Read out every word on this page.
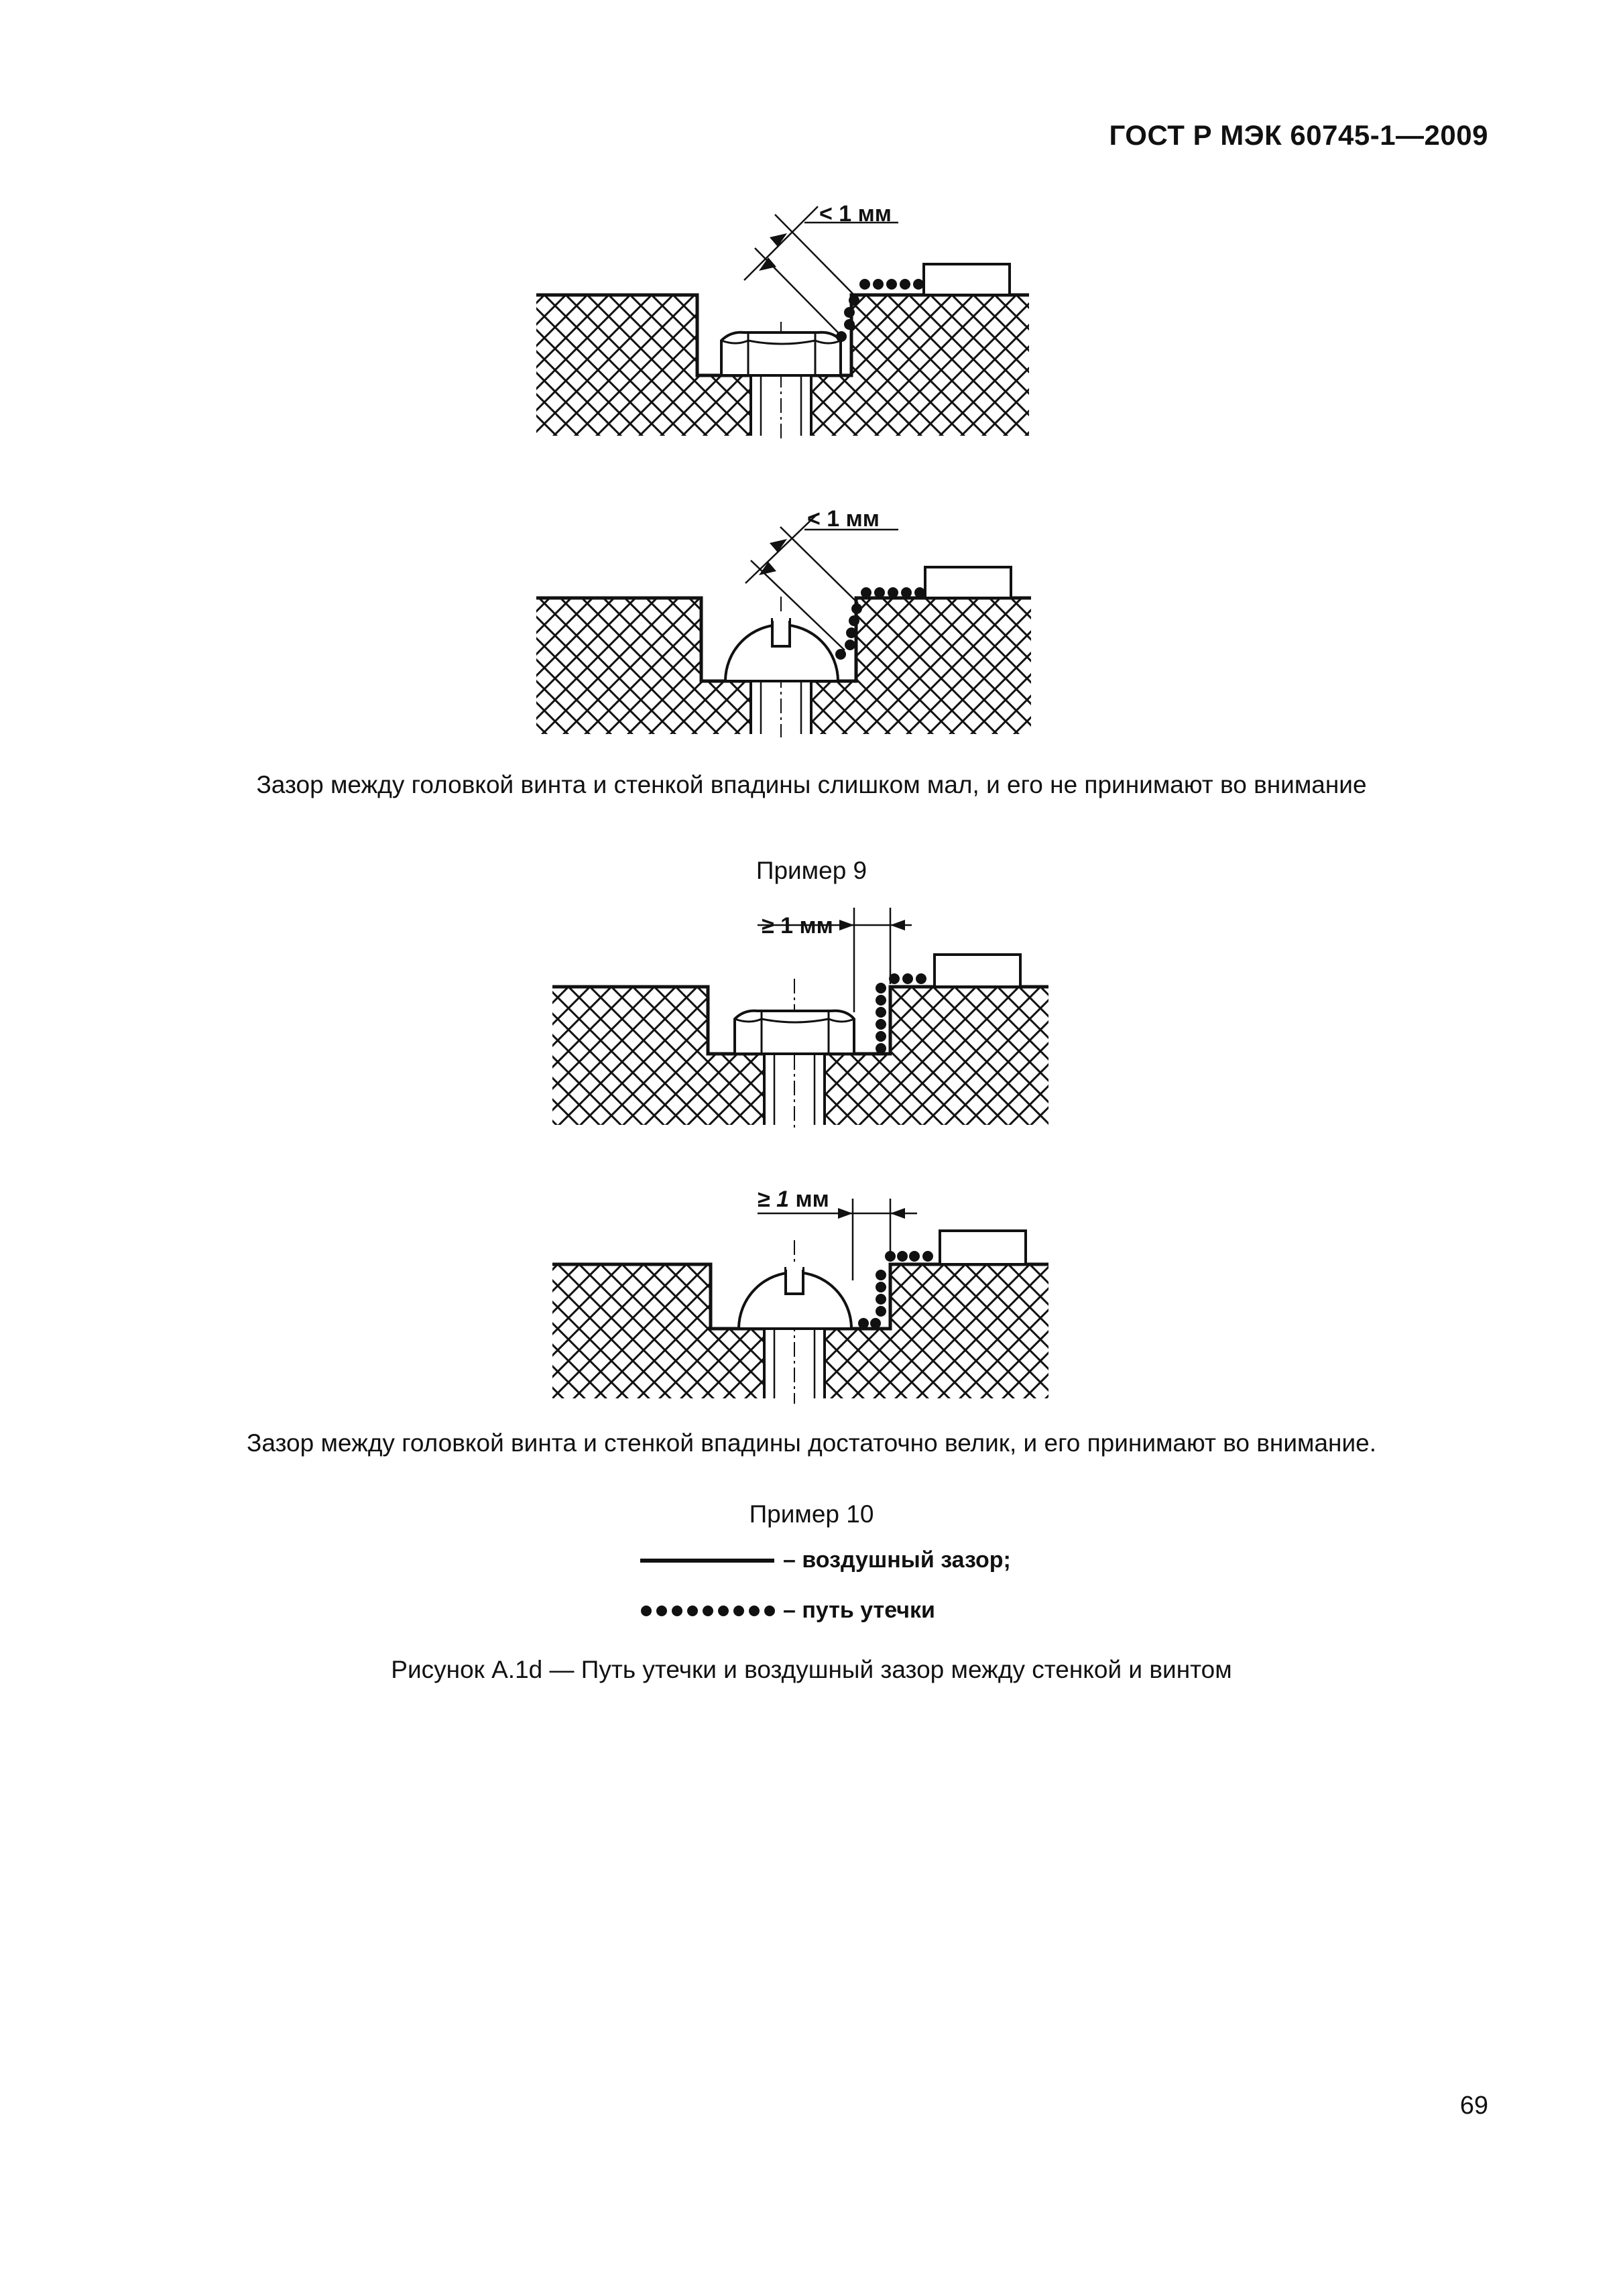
ГОСТ Р МЭК 60745-1—2009
< 1 мм
< 1 мм
Зазор между головкой винта и стенкой впадины слишком мал, и его не принимают во внимание
Пример 9
≥ 1 мм
≥ 1 мм
Зазор между головкой винта и стенкой впадины достаточно велик, и его принимают во внимание.
Пример 10
– воздушный зазор;
– путь утечки
Рисунок А.1d — Путь утечки и воздушный зазор между стенкой и винтом
69
